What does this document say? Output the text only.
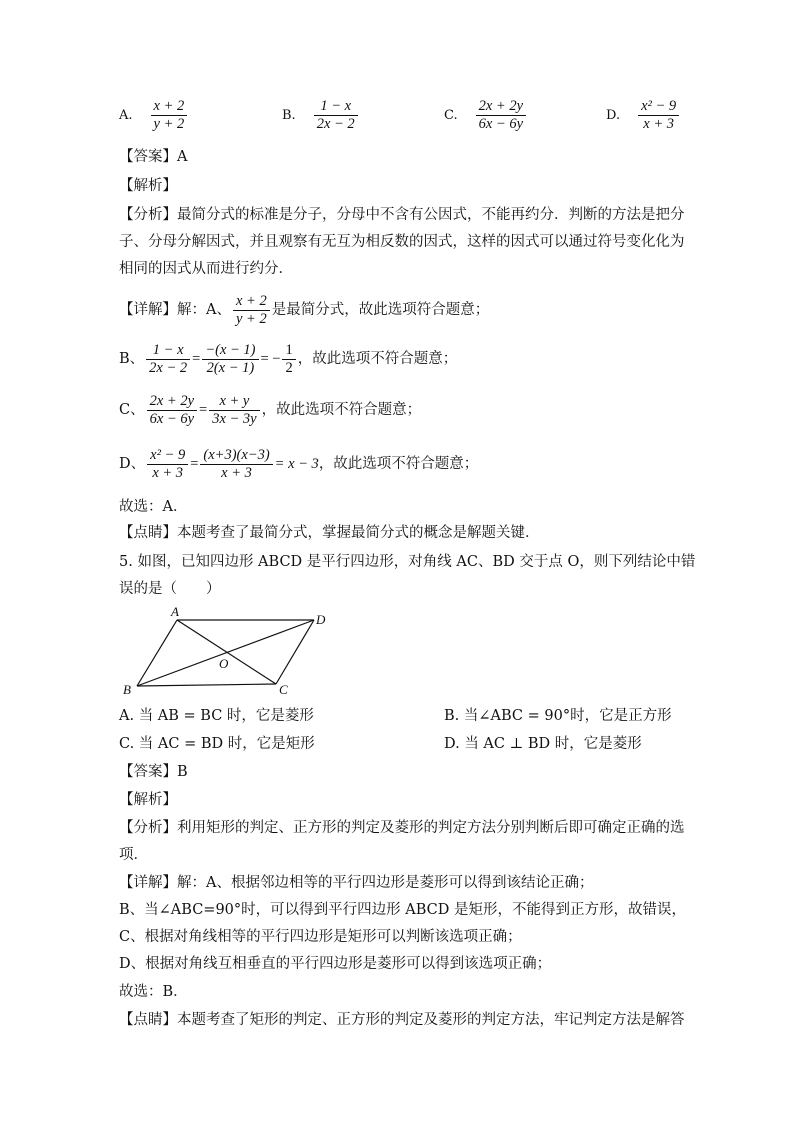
A. $\frac{x + 2}{y + 2}$	B. $\frac{1 - x}{2x - 2}$	C. $\frac{2x + 2y}{6x - 6y}$	D. $\frac{\text{x² − 9}}{x + 3}$
【答案】A
【解析】
【分析】最简分式的标准是分子，分母中不含有公因式，不能再约分．判断的方法是把分
子、分母分解因式，并且观察有无互为相反数的因式，这样的因式可以通过符号变化化为
相同的因式从而进行约分．
【详解】解：A、 $\frac{x + 2}{y + 2}$ 是最简分式，故此选项符合题意；
B、 $\frac{1 - x}{2x - 2} = \frac{-(x - 1)}{2(x - 1)}$ = − $\frac{1}{2}$ ，故此选项不符合题意；
C、 $\frac{2x + 2y}{6x - 6y} = \frac{x + y}{3x - 3y}$ ，故此选项不符合题意；
D、 $\frac{\text{x² − 9}}{x + 3} = \frac{(x+3)(x-3)}{x + 3} = x - 3$，故此选项不符合题意；
故选：A．
【点睛】本题考查了最简分式，掌握最简分式的概念是解题关键．
5. 如图，已知四边形 ABCD 是平行四边形，对角线 AC、BD 交于点 O，则下列结论中错
误的是（　　）
A
D
B	C
O
A. 当 AB = BC 时，它是菱形	B. 当∠ABC = 90°时，它是正方形
C. 当 AC = BD 时，它是矩形	D. 当 AC ⊥ BD 时，它是菱形
【答案】B
【解析】
【分析】利用矩形的判定、正方形的判定及菱形的判定方法分别判断后即可确定正确的选
项．
【详解】解：A、根据邻边相等的平行四边形是菱形可以得到该结论正确；
B、当∠ABC=90°时，可以得到平行四边形 ABCD 是矩形，不能得到正方形，故错误，
C、根据对角线相等的平行四边形是矩形可以判断该选项正确；
D、根据对角线互相垂直的平行四边形是菱形可以得到该选项正确；
故选：B．
【点睛】本题考查了矩形的判定、正方形的判定及菱形的判定方法，牢记判定方法是解答
